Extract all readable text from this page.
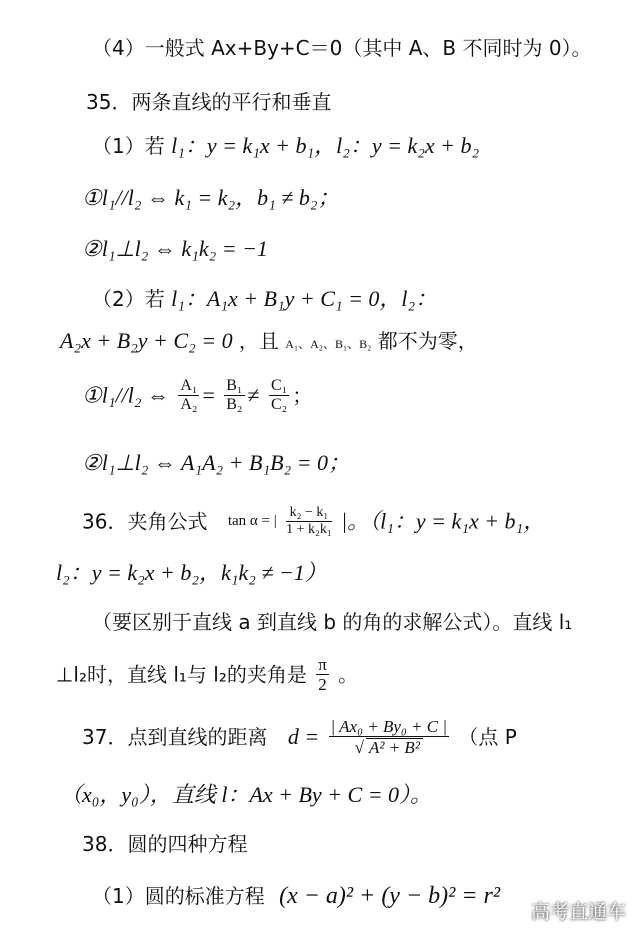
（4）一般式 Ax+By+C＝0（其中 A、B 不同时为 0）。
35．两条直线的平行和垂直
（1）若 l₁：y = k₁x + b₁，l₂：y = k₂x + b₂
①l₁//l₂ ⇔ k₁ = k₂，b₁ ≠ b₂；
②l₁⊥l₂ ⇔ k₁k₂ = −1
（2）若 l₁：A₁x + B₁y + C₁ = 0，l₂：
A₂x + B₂y + C₂ = 0 ，且 A₁、A₂、B₁、B₂ 都不为零，
①l₁//l₂ ⇔ $\frac{\text{A₁}}{\text{A₂}} = \frac{\text{B₁}}{\text{B₂}} \ne \frac{\text{C₁}}{\text{C₂}}$ ；
②l₁⊥l₂ ⇔ A₁A₂ + B₁B₂ = 0；
36．夹角公式 tan α = | $\frac{\text{k₂ − k₁}}{\text{1 + k₂k₁}}$ |。（l₁：y = k₁x + b₁，
l₂：y = k₂x + b₂，k₁k₂ ≠ −1）
（要区别于直线 a 到直线 b 的角的求解公式）。直线 l₁
⊥l₂时，直线 l₁与 l₂的夹角是 $\frac{\pi}{2}$ 。
37．点到直线的距离 $d = \frac{\text{| Ax₀ + By₀ + C |}}{\text{√ A² + B²}}$ （点 P
（x₀，y₀），直线 l：Ax + By + C = 0）。
38．圆的四种方程
（1）圆的标准方程 (x − a)² + (y − b)² = r²
高考直通车
